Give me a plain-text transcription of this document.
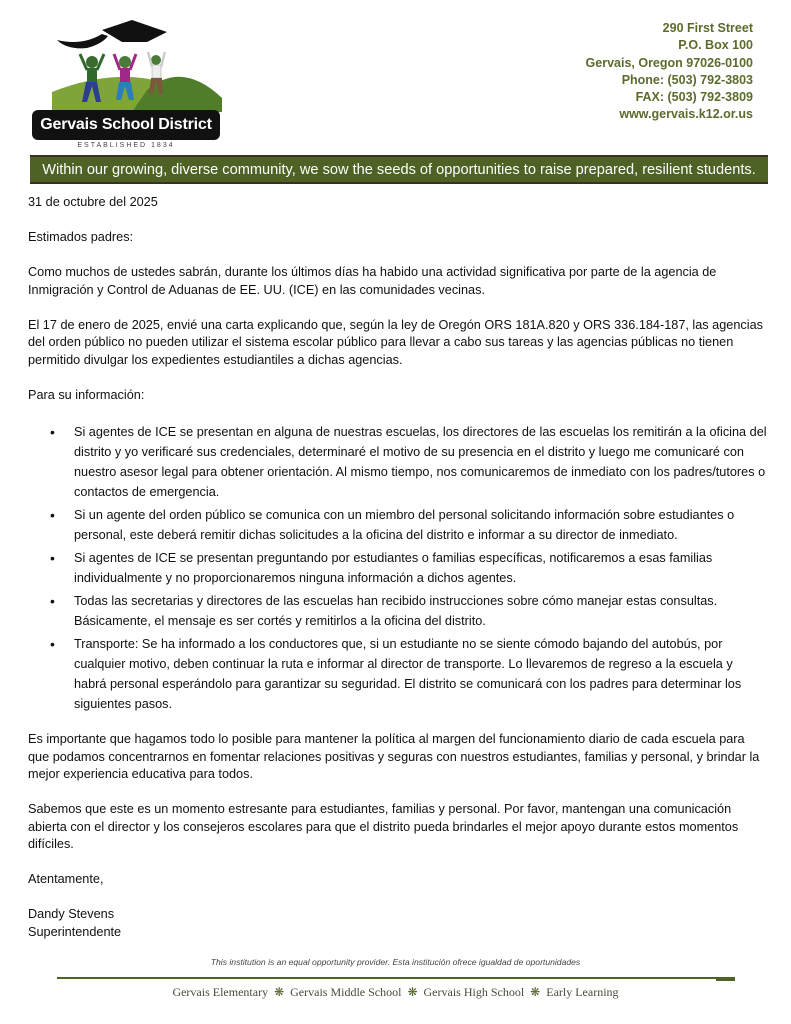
Gervais School District
ESTABLISHED 1834
290 First Street
P.O. Box 100
Gervais, Oregon 97026-0100
Phone: (503) 792-3803
FAX: (503) 792-3809
www.gervais.k12.or.us
Within our growing, diverse community, we sow the seeds of opportunities to raise prepared, resilient students.

31 de octubre del 2025

Estimados padres:

Como muchos de ustedes sabrán, durante los últimos días ha habido una actividad significativa por parte de la agencia de Inmigración y Control de Aduanas de EE. UU. (ICE) en las comunidades vecinas.

El 17 de enero de 2025, envié una carta explicando que, según la ley de Oregón ORS 181A.820 y ORS 336.184-187, las agencias del orden público no pueden utilizar el sistema escolar público para llevar a cabo sus tareas y las agencias públicas no tienen permitido divulgar los expedientes estudiantiles a dichas agencias.

Para su información:

• Si agentes de ICE se presentan en alguna de nuestras escuelas, los directores de las escuelas los remitirán a la oficina del distrito y yo verificaré sus credenciales, determinaré el motivo de su presencia en el distrito y luego me comunicaré con nuestro asesor legal para obtener orientación. Al mismo tiempo, nos comunicaremos de inmediato con los padres/tutores o contactos de emergencia.
• Si un agente del orden público se comunica con un miembro del personal solicitando información sobre estudiantes o personal, este deberá remitir dichas solicitudes a la oficina del distrito e informar a su director de inmediato.
• Si agentes de ICE se presentan preguntando por estudiantes o familias específicas, notificaremos a esas familias individualmente y no proporcionaremos ninguna información a dichos agentes.
• Todas las secretarias y directores de las escuelas han recibido instrucciones sobre cómo manejar estas consultas. Básicamente, el mensaje es ser cortés y remitirlos a la oficina del distrito.
• Transporte: Se ha informado a los conductores que, si un estudiante no se siente cómodo bajando del autobús, por cualquier motivo, deben continuar la ruta e informar al director de transporte. Lo llevaremos de regreso a la escuela y habrá personal esperándolo para garantizar su seguridad. El distrito se comunicará con los padres para determinar los siguientes pasos.

Es importante que hagamos todo lo posible para mantener la política al margen del funcionamiento diario de cada escuela para que podamos concentrarnos en fomentar relaciones positivas y seguras con nuestros estudiantes, familias y personal, y brindar la mejor experiencia educativa para todos.

Sabemos que este es un momento estresante para estudiantes, familias y personal. Por favor, mantengan una comunicación abierta con el director y los consejeros escolares para que el distrito pueda brindarles el mejor apoyo durante estos momentos difíciles.

Atentamente,

Dandy Stevens

Superintendente

This institution is an equal opportunity provider. Esta institución ofrece igualdad de oportunidades
Gervais Elementary ❋ Gervais Middle School ❋ Gervais High School ❋ Early Learning
